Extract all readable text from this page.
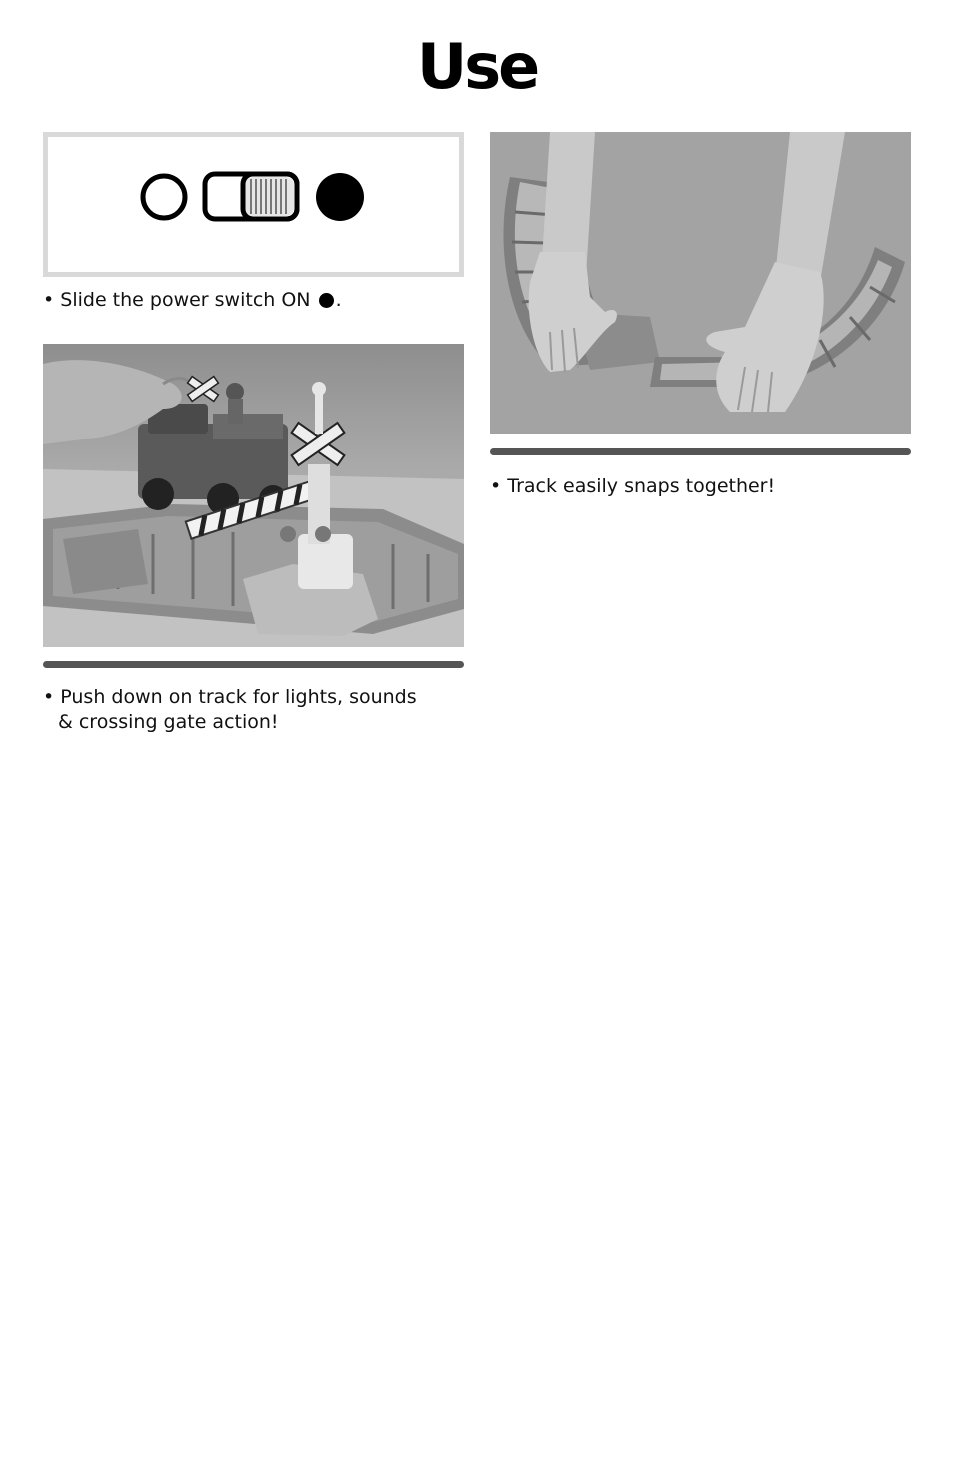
Use
• Slide the power switch ON .
• Push down on track for lights, sounds
& crossing gate action!
• Track easily snaps together!
